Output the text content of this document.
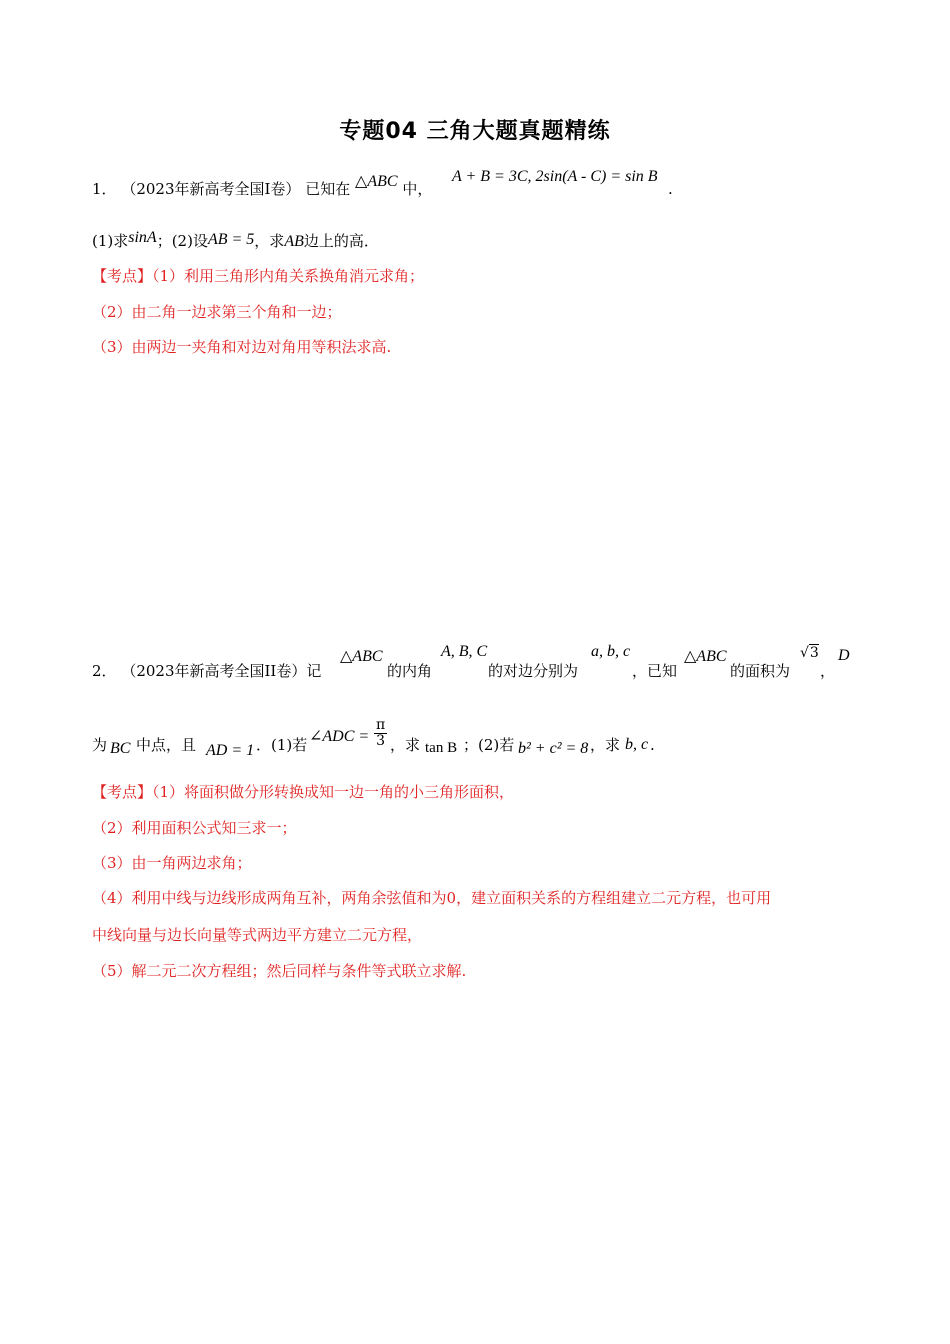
专题04 三角大题真题精练
1． （2023年新高考全国I卷） 已知在 △ABC 中，
A + B = 3C, 2sin(A - C) = sin B
.
(1)求sinA；(2)设AB = 5，求AB边上的高．
【考点】（1）利用三角形内角关系换角消元求角；
（2）由二角一边求第三个角和一边；
（3）由两边一夹角和对边对角用等积法求高.
2． （2023年新高考全国II卷）记
△ABC
的内角
A, B, C
的对边分别为
a, b, c
，已知
△ABC
的面积为
√3
，
D
为 BC 中点，且 AD = 1 ．(1)若 ∠ADC = $\frac{\pi}{3}$ ，求 tan B ；(2)若 b² + c² = 8 ，求 b, c .
【考点】（1）将面积做分形转换成知一边一角的小三角形面积，
（2）利用面积公式知三求一；
（3）由一角两边求角；
（4）利用中线与边线形成两角互补，两角余弦值和为0，建立面积关系的方程组建立二元方程，也可用
中线向量与边长向量等式两边平方建立二元方程，
（5）解二元二次方程组；然后同样与条件等式联立求解.
